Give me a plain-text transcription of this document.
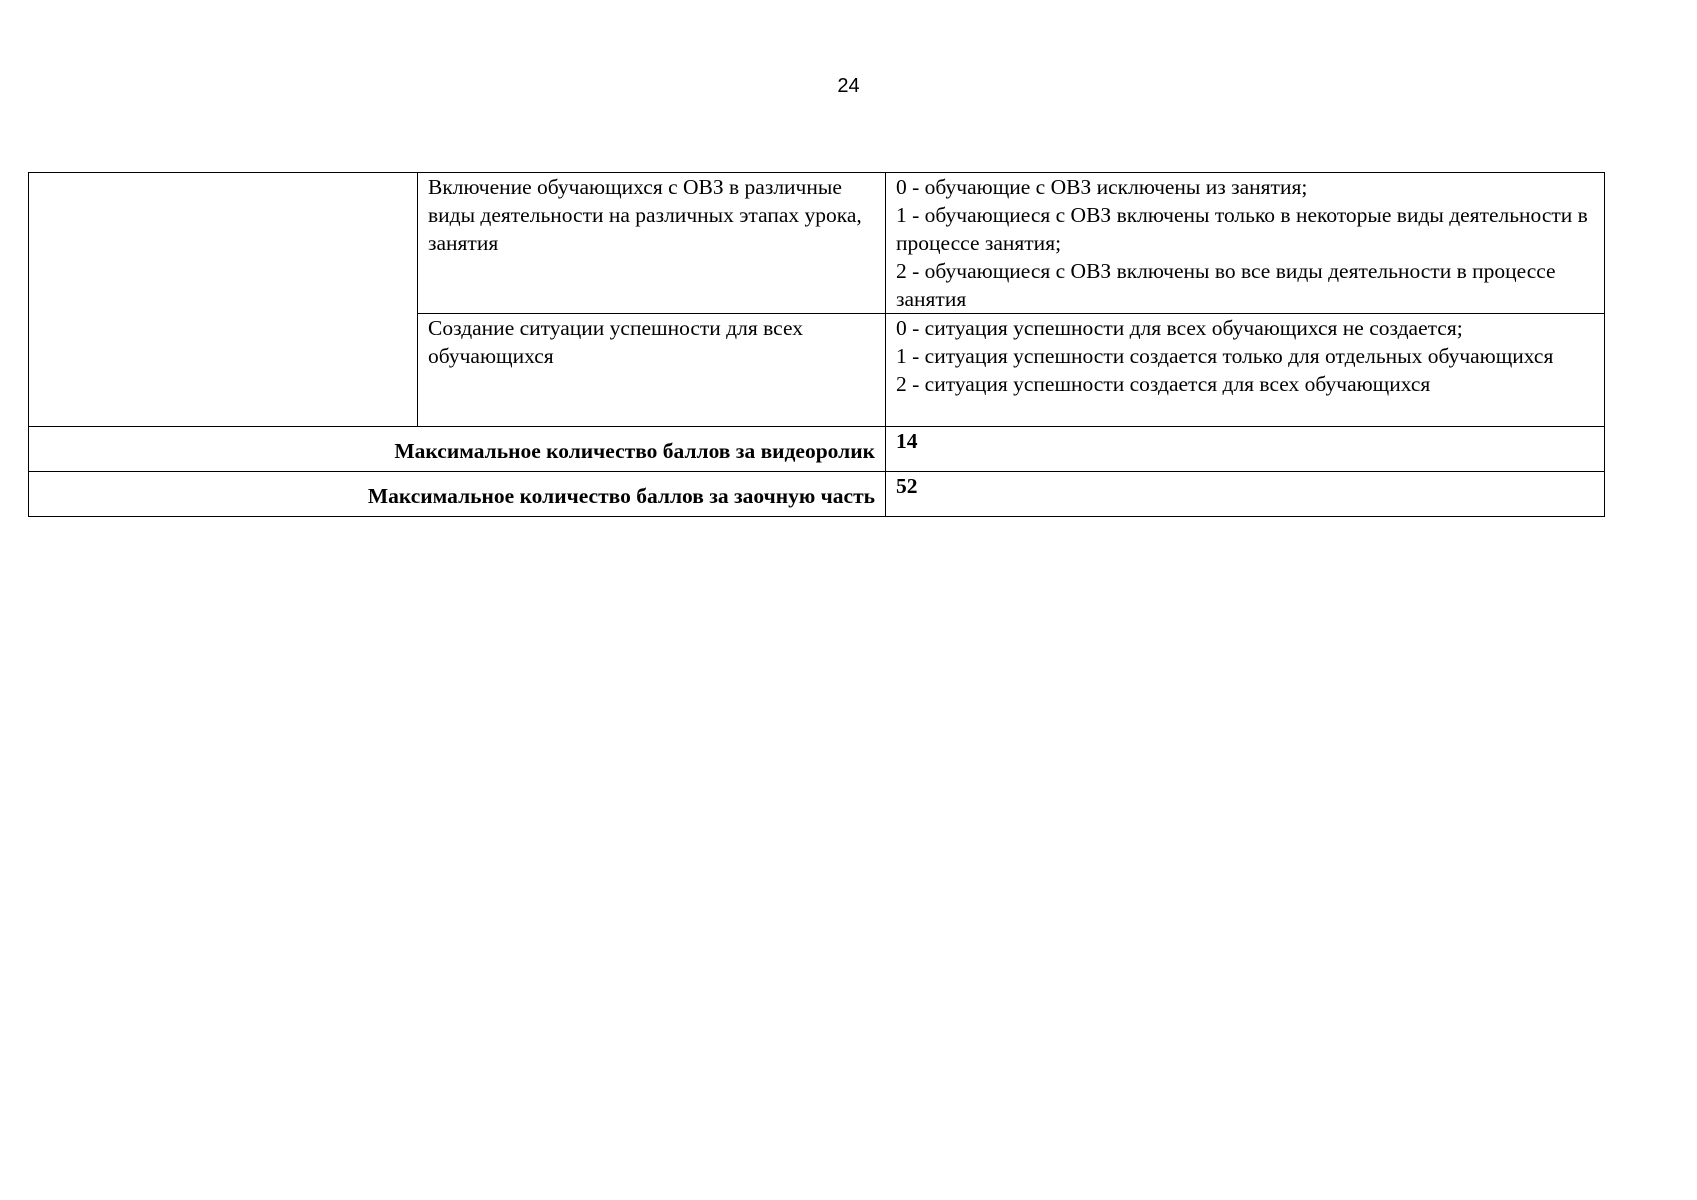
24
	Включение обучающихся с ОВЗ в различные виды деятельности на различных этапах урока, занятия	0 - обучающие с ОВЗ исключены из занятия;
1 - обучающиеся с ОВЗ включены только в некоторые виды деятельности в процессе занятия;
2 - обучающиеся с ОВЗ включены во все виды деятельности в процессе занятия

	Создание ситуации успешности для всех обучающихся	0 - ситуация успешности для всех обучающихся не создается;
1 - ситуация успешности создается только для отдельных обучающихся
2 - ситуация успешности создается для всех обучающихся

Максимальное количество баллов за видеоролик		14
Максимальное количество баллов за заочную часть		52
